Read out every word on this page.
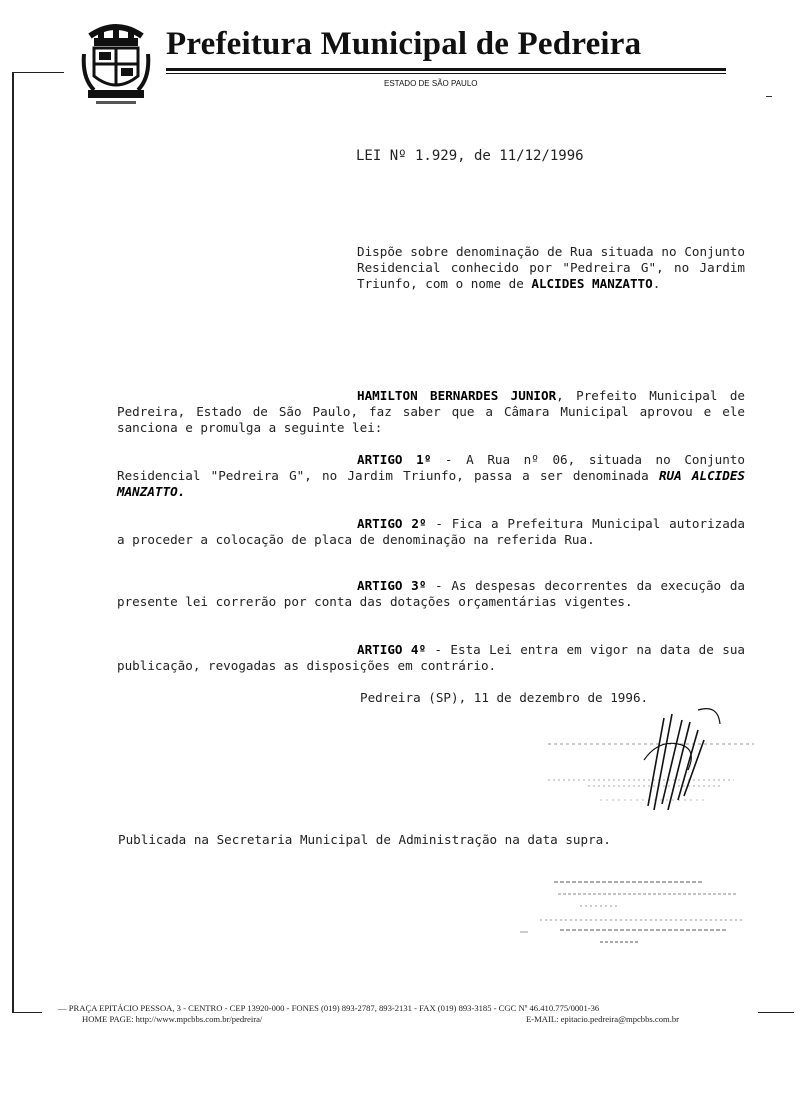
Prefeitura Municipal de Pedreira
ESTADO DE SÃO PAULO
LEI Nº 1.929, de 11/12/1996
Dispõe sobre denominação de Rua situada no Conjunto Residencial conhecido por "Pedreira G", no Jardim Triunfo, com o nome de ALCIDES MANZATTO.
HAMILTON BERNARDES JUNIOR, Prefeito Municipal de Pedreira, Estado de São Paulo, faz saber que a Câmara Municipal aprovou e ele sanciona e promulga a seguinte lei:
ARTIGO 1º - A Rua nº 06, situada no Conjunto Residencial "Pedreira G", no Jardim Triunfo, passa a ser denominada RUA ALCIDES MANZATTO.
ARTIGO 2º - Fica a Prefeitura Municipal autorizada a proceder a colocação de placa de denominação na referida Rua.
ARTIGO 3º - As despesas decorrentes da execução da presente lei correrão por conta das dotações orçamentárias vigentes.
ARTIGO 4º - Esta Lei entra em vigor na data de sua publicação, revogadas as disposições em contrário.
Pedreira (SP), 11 de dezembro de 1996.
Publicada na Secretaria Municipal de Administração na data supra.
— PRAÇA EPITÁCIO PESSOA, 3 - CENTRO - CEP 13920-000 - FONES (019) 893-2787, 893-2131 - FAX (019) 893-3185 - CGC Nº 46.410.775/0001-36
HOME PAGE: http://www.mpcbbs.com.br/pedreira/	E-MAIL: epitacio.pedreira@mpcbbs.com.br
